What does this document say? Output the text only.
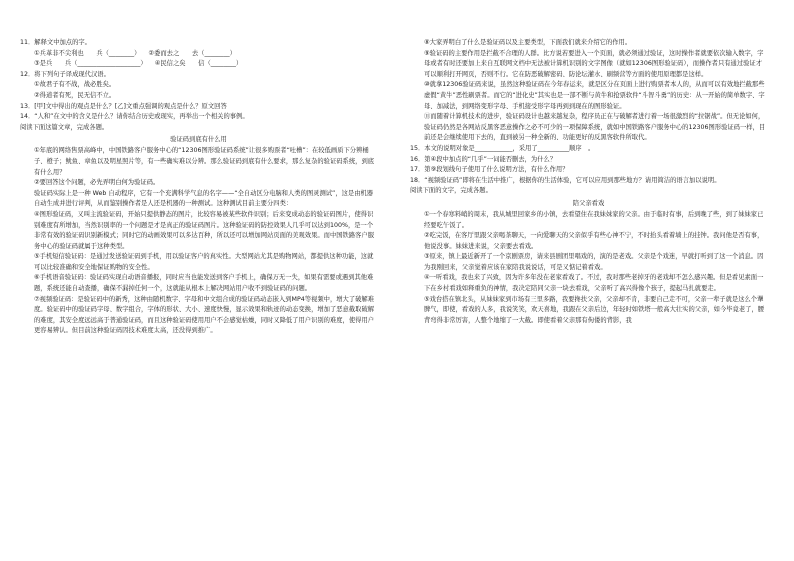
11．解释文中加点的字。
①兵革非不尖利也　　兵（________） ②委而去之　　去（________）
③是兵　　兵（____________________） ④民信之矣　　信（________）
12．将下列句子译成现代汉语。
①故君子有不战，战必胜矣。
②得道者有死，民无信不立。
13．[甲]文中得出的观点是什么？[乙]文重点强调的观点是什么？原文回答
14．“人和”在文中的含义是什么？请你结合历史或现实，再举出一个相关的事例。
阅读下面这篇文章，完成各题。
验证码到底有什么用
①年底的网络售票高峰中，中国铁路客户服务中心的“12306图形验证码系统”让很多购票者“吐槽”：在较低画质下分辨桶子、橙子；鱿鱼、章鱼以及明星照片等，有一些确实难以分辨。那么验证码到底有什么要求，那么复杂的验证码系统，到底有什么用？
②要回答这个问题，必先弄明白何为验证码。
验证码实际上是一种 Web 自动程序，它有一个充满科学气息的名字——“全自动区分电脑和人类的图灵测试”，这是由机器自动生成并进行评判，从而鉴别操作者是人还是机器的一种测试。这种测试目前主要分四类：
④图形验证码，又叫主流验证码，开始只提供静态的图片，比较容易被某些软件识别；后来变成动态的验证码图片，使得识别难度有所增加，当然识别率的一个问题是才是真正的验证码图片。这种验证码的防控效果人几乎可以达到100%，是一个非常有效的验证码识别新模式；同时它的动画效果可以多达百种，所以还可以增加网站页面的美观效果。而中国铁路客户服务中心的验证码就属于这种类型。
⑤手机短信验证码：是通过发送验证码到手机，用以验证客户的真实性。大型网站尤其是购物网站，都提供这种功能，这就可以比较准确和安全地保证购物的安全性。
⑥手机语音验证码：验证码实现自动语音播报，同时应当也能发送到客户手机上，确保万无一失，如果有需要或遇到其他难题，系统还能自动查播，确保不漏掉任何一个，这就能从根本上解决网站用户收不到验证码的问题。
⑦视频验证码：是验证码中的新秀，这种由随机数字、字母和中文组合成的验证码动态嵌入到MP4等视频中，增大了破解难度。验证码中的验证码字母、数字组合，字体的形状、大小、速度快慢，显示效果和轨迹的动态变换，增加了恶意截取破解的难度，其安全度远远高于普通验证码，而且这种验证码使用用户不会感觉枯燥，同时又降低了用户识别的难度，使得用户更容易辨认。但目前这种验证码因技术难度太高，还没得到推广。
⑧大家弄明白了什么是验证码以及主要类型，下面我们就来介绍它的作用。
⑨验证码的主要作用是拦截不合理的人群。比方说若要进入一个页面，就必须通过验证，这时操作者就要依次输入数字，字母或者有时还要加上来自互联网文档中无法被计算机识别的文字图像（就如12306图形验证码），而操作者只有通过验证才可以顺利打开网页，否则不行。它在防恶破解密码、防论坛灌水、刷频营等方面的使用原理都是这样。
⑩就拿12306验证码来说，虽然这种验证码在今年春运来，就是区分在页面上进行购票者本人的，从而可以有效地拦截那些虚假“黄牛”恶性刷票者。而它的“进化史”其实也是一部不断与黄牛和抢票软件“斗智斗勇”的历史：从一开始的简单数字、字母、加减法，到网络变形字母、手机接受形字母再到到现在的图形验证。
⑪而随着计算机技术的进步，验证码设计也越来越复杂，程序员正在与破解者进行着一场很激烈的“拉锯战”。但无论如何，验证码仍然是各网站反黑客恶意操作之必不可少的一项保障系统，就如中国铁路客户服务中心的12306图形验证码一样，目前还是会继续使用下去的，直到被另一种全新的、功能更好的反黑客软件所取代。
15．本文的说明对象是____________，采用了__________顺序　。
16．第④段中加点的“几乎”一词能否删去，为什么？
17．第⑨段划线句子使用了什么说明方法，有什么作用？
18．“视频验证码”即将在生活中推广，根据你的生活体验，它可以应用到那些地方？请用简洁的语言加以说明。
阅读下面的文字，完成各题。
陪父亲看戏
①一个春寒料峭的周末，我从城里回家乡的小镇，去看望住在我妹妹家的父亲。由于临时有事，后到晚了些，到了妹妹家已经要吃午饭了。
②吃完饭，在客厅里跟父亲喝茶聊天，一向爱聊天的父亲似乎有些心神不宁，不时抬头看着墙上的挂钟。我问他是否有事，他说没事。妹妹进来说，父亲要去看戏。
③原来，镇上最近新开了一个京剧票房，请来县剧团里唱戏的，演的是老戏。父亲是个戏迷，早就打听到了这一个消息。因为我刚回来，父亲觉着应该在家陪我说说话，可是又惦记着看戏。
④一听看戏，我也来了兴致，因为许多年没在老家看戏了。不过，我对那些老掉牙的老戏却不怎么感兴趣。但是看见素面一下在乡村看戏如释重负的神情，我决定陪同父亲一块去看戏，父亲听了高兴得像个孩子，提起马扎就要走。
⑤戏台搭在镇北头，从妹妹家到市场有三里多路，我要搀扶父亲，父亲却不肯，非要自己走不可，父亲一辈子就是这么个犟脾气，即使，看戏的人多，我说笑笑，欢天喜地，我跟在父亲后边，年轻时如铁塔一般高大壮实的父亲，如今毕竟老了，腰背弯得非常厉害，人整个地缩了一大截。即使看着父亲那有佝偻的背影，我
